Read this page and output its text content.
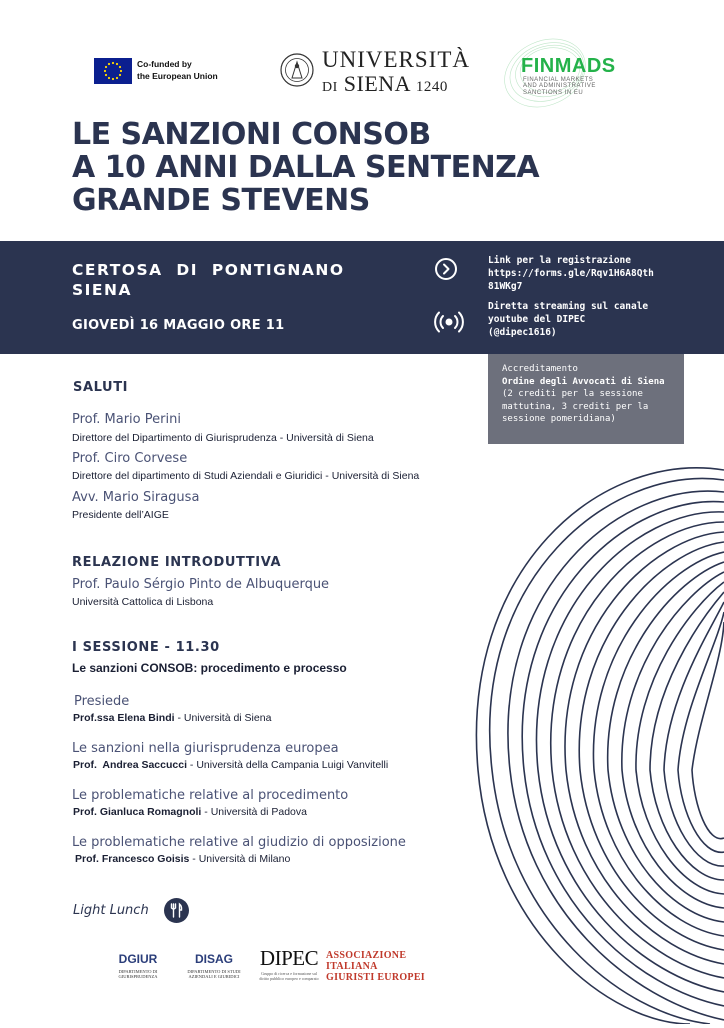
Co-funded by
the European Union
UNIVERSITÀ
DI SIENA 1240
FINMADS
FINANCIAL MARKETS
AND ADMINISTRATIVE
SANCTIONS IN EU
LE SANZIONI CONSOB
A 10 ANNI DALLA SENTENZA
GRANDE STEVENS
CERTOSA  DI  PONTIGNANO
SIENA
GIOVEDÌ 16 MAGGIO ORE 11
Link per la registrazione
https://forms.gle/Rqv1H6A8Qth
81WKg7
Diretta streaming sul canale
youtube del DIPEC
(@dipec1616)
Accreditamento
Ordine degli Avvocati di Siena
(2 crediti per la sessione
mattutina, 3 crediti per la
sessione pomeridiana)
SALUTI
Prof. Mario Perini
Direttore del Dipartimento di Giurisprudenza - Università di Siena
Prof. Ciro Corvese
Direttore del dipartimento di Studi Aziendali e Giuridici - Università di Siena
Avv. Mario Siragusa
Presidente dell’AIGE
RELAZIONE INTRODUTTIVA
Prof. Paulo Sérgio Pinto de Albuquerque
Università Cattolica di Lisbona
I SESSIONE - 11.30
Le sanzioni CONSOB: procedimento e processo
Presiede
Prof.ssa Elena Bindi - Università di Siena
Le sanzioni nella giurisprudenza europea
Prof.  Andrea Saccucci - Università della Campania Luigi Vanvitelli
Le problematiche relative al procedimento
Prof. Gianluca Romagnoli - Università di Padova
Le problematiche relative al giudizio di opposizione
Prof. Francesco Goisis - Università di Milano
Light Lunch
DGIUR
DIPARTIMENTO DI
GIURISPRUDENZA
DISAG
DIPARTIMENTO DI STUDI
AZIENDALI E GIURIDICI
DIPEC
Gruppo di ricerca e formazione sul
diritto pubblico europeo e comparato
ASSOCIAZIONE
ITALIANA
GIURISTI EUROPEI
